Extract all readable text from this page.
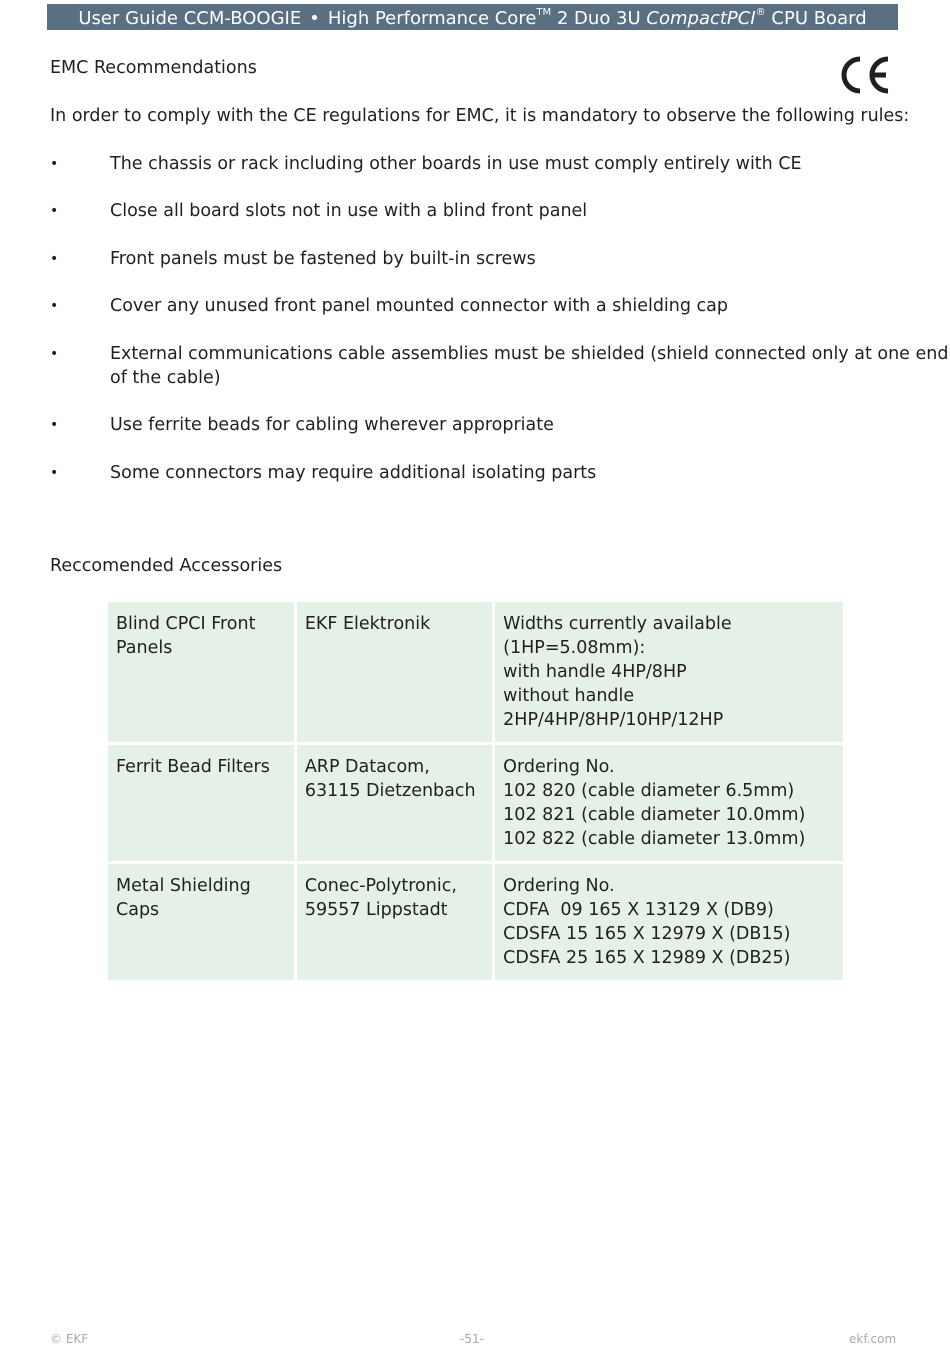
User Guide CCM-BOOGIE • High Performance Core™ 2 Duo 3U CompactPCI® CPU Board
EMC Recommendations
In order to comply with the CE regulations for EMC, it is mandatory to observe the following rules:
•	The chassis or rack including other boards in use must comply entirely with CE
•	Close all board slots not in use with a blind front panel
•	Front panels must be fastened by built-in screws
•	Cover any unused front panel mounted connector with a shielding cap
•	External communications cable assemblies must be shielded (shield connected only at one end
of the cable)
•	Use ferrite beads for cabling wherever appropriate
•	Some connectors may require additional isolating parts
Reccomended Accessories
Blind CPCI Front
Panels	EKF Elektronik	Widths currently available
(1HP=5.08mm):
with handle 4HP/8HP
without handle
2HP/4HP/8HP/10HP/12HP

Ferrit Bead Filters	ARP Datacom,
63115 Dietzenbach	Ordering No.
102 820 (cable diameter 6.5mm)
102 821 (cable diameter 10.0mm)
102 822 (cable diameter 13.0mm)

Metal Shielding
Caps	Conec-Polytronic,
59557 Lippstadt	Ordering No.
CDFA  09 165 X 13129 X (DB9)
CDSFA 15 165 X 12979 X (DB15)
CDSFA 25 165 X 12989 X (DB25)
© EKF	-51-	ekf.com
